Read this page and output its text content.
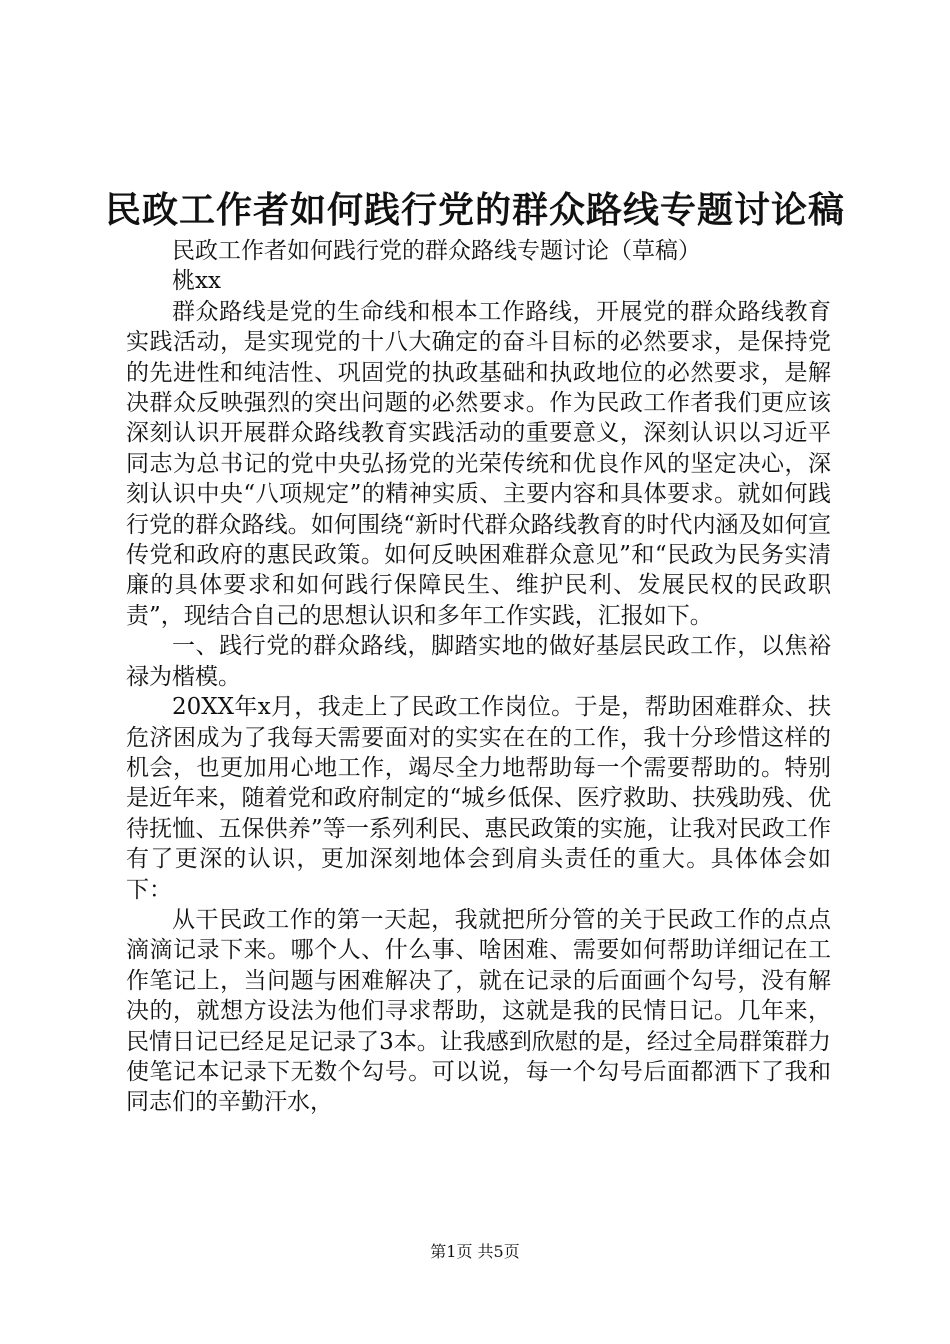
民政工作者如何践行党的群众路线专题讨论稿

民政工作者如何践行党的群众路线专题讨论（草稿）

桃xx

群众路线是党的生命线和根本工作路线，开展党的群众路线教育实践活动，是实现党的十八大确定的奋斗目标的必然要求，是保持党的先进性和纯洁性、巩固党的执政基础和执政地位的必然要求，是解决群众反映强烈的突出问题的必然要求。作为民政工作者我们更应该深刻认识开展群众路线教育实践活动的重要意义，深刻认识以习近平同志为总书记的党中央弘扬党的光荣传统和优良作风的坚定决心，深刻认识中央“八项规定”的精神实质、主要内容和具体要求。就如何践行党的群众路线。如何围绕“新时代群众路线教育的时代内涵及如何宣传党和政府的惠民政策。如何反映困难群众意见”和“民政为民务实清廉的具体要求和如何践行保障民生、维护民利、发展民权的民政职责”，现结合自己的思想认识和多年工作实践，汇报如下。

一、践行党的群众路线，脚踏实地的做好基层民政工作，以焦裕禄为楷模。

20XX年x月，我走上了民政工作岗位。于是，帮助困难群众、扶危济困成为了我每天需要面对的实实在在的工作，我十分珍惜这样的机会，也更加用心地工作，竭尽全力地帮助每一个需要帮助的。特别是近年来，随着党和政府制定的“城乡低保、医疗救助、扶残助残、优待抚恤、五保供养”等一系列利民、惠民政策的实施，让我对民政工作有了更深的认识，更加深刻地体会到肩头责任的重大。具体体会如下：

从干民政工作的第一天起，我就把所分管的关于民政工作的点点滴滴记录下来。哪个人、什么事、啥困难、需要如何帮助详细记在工作笔记上，当问题与困难解决了，就在记录的后面画个勾号，没有解决的，就想方设法为他们寻求帮助，这就是我的民情日记。几年来，民情日记已经足足记录了3本。让我感到欣慰的是，经过全局群策群力使笔记本记录下无数个勾号。可以说，每一个勾号后面都洒下了我和同志们的辛勤汗水，

第1页 共5页
